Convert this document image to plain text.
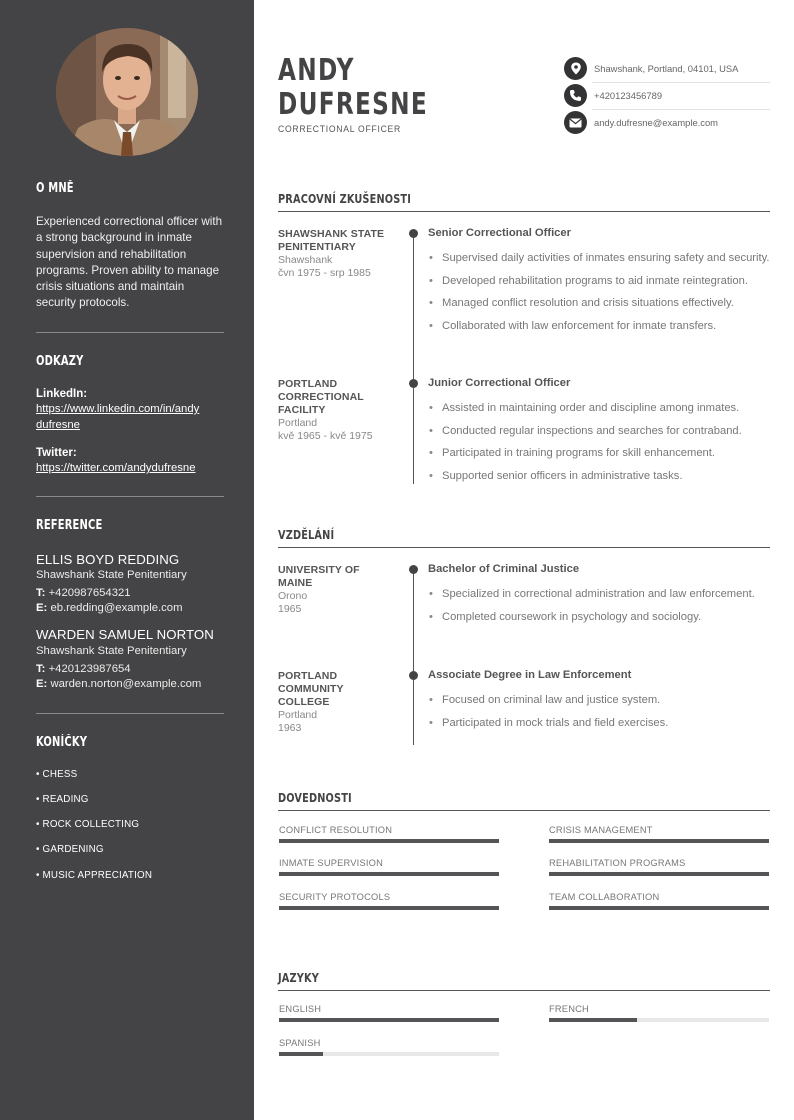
O MNĚ
Experienced correctional officer with a strong background in inmate supervision and rehabilitation programs. Proven ability to manage crisis situations and maintain security protocols.
ODKAZY
LinkedIn:
https://www.linkedin.com/in/andy
dufresne
Twitter:
https://twitter.com/andydufresne
REFERENCE
ELLIS BOYD REDDING
Shawshank State Penitentiary
T: +420987654321
E: eb.redding@example.com
WARDEN SAMUEL NORTON
Shawshank State Penitentiary
T: +420123987654
E: warden.norton@example.com
KONÍČKY
• CHESS
• READING
• ROCK COLLECTING
• GARDENING
• MUSIC APPRECIATION
ANDY
DUFRESNE
CORRECTIONAL OFFICER
Shawshank, Portland, 04101, USA
+420123456789
andy.dufresne@example.com
PRACOVNÍ ZKUŠENOSTI
SHAWSHANK STATE
PENITENTIARY
Shawshank
čvn 1975 - srp 1985
Senior Correctional Officer
• Supervised daily activities of inmates ensuring safety and security.
• Developed rehabilitation programs to aid inmate reintegration.
• Managed conflict resolution and crisis situations effectively.
• Collaborated with law enforcement for inmate transfers.
PORTLAND
CORRECTIONAL
FACILITY
Portland
kvě 1965 - kvě 1975
Junior Correctional Officer
• Assisted in maintaining order and discipline among inmates.
• Conducted regular inspections and searches for contraband.
• Participated in training programs for skill enhancement.
• Supported senior officers in administrative tasks.
VZDĚLÁNÍ
UNIVERSITY OF
MAINE
Orono
1965
Bachelor of Criminal Justice
• Specialized in correctional administration and law enforcement.
• Completed coursework in psychology and sociology.
PORTLAND
COMMUNITY
COLLEGE
Portland
1963
Associate Degree in Law Enforcement
• Focused on criminal law and justice system.
• Participated in mock trials and field exercises.
DOVEDNOSTI
CONFLICT RESOLUTION	CRISIS MANAGEMENT
INMATE SUPERVISION	REHABILITATION PROGRAMS
SECURITY PROTOCOLS	TEAM COLLABORATION
JAZYKY
ENGLISH	FRENCH
SPANISH
